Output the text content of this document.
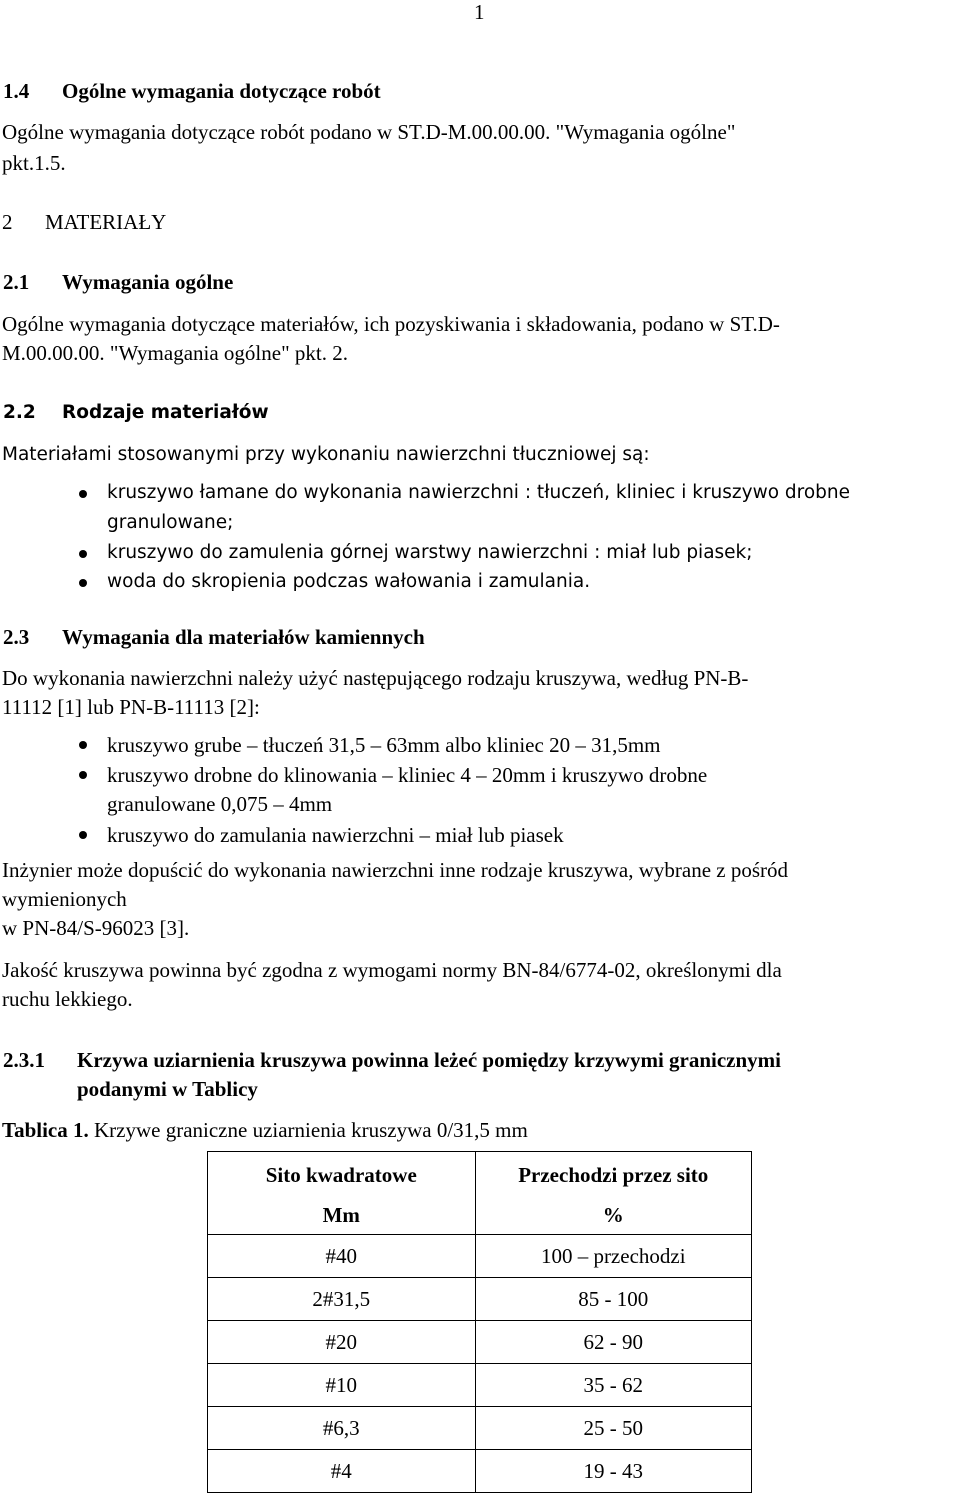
1
1.4 Ogólne wymagania dotyczące robót
Ogólne wymagania dotyczące robót podano w ST.D-M.00.00.00. "Wymagania ogólne"
pkt.1.5.
2 MATERIAŁY
2.1 Wymagania ogólne
Ogólne wymagania dotyczące materiałów, ich pozyskiwania i składowania, podano w ST.D-
M.00.00.00. "Wymagania ogólne" pkt. 2.
2.2 Rodzaje materiałów
Materiałami stosowanymi przy wykonaniu nawierzchni tłuczniowej są:
kruszywo łamane do wykonania nawierzchni : tłuczeń, kliniec i kruszywo drobne
granulowane;
kruszywo do zamulenia górnej warstwy nawierzchni : miał lub piasek;
woda do skropienia podczas wałowania i zamulania.
2.3 Wymagania dla materiałów kamiennych
Do wykonania nawierzchni należy użyć następującego rodzaju kruszywa, według PN-B-
11112 [1] lub PN-B-11113 [2]:
kruszywo grube – tłuczeń 31,5 – 63mm albo kliniec 20 – 31,5mm
kruszywo drobne do klinowania – kliniec 4 – 20mm i kruszywo drobne
granulowane 0,075 – 4mm
kruszywo do zamulania nawierzchni – miał lub piasek
Inżynier może dopuścić do wykonania nawierzchni inne rodzaje kruszywa, wybrane z pośród
wymienionych
w PN-84/S-96023 [3].
Jakość kruszywa powinna być zgodna z wymogami normy BN-84/6774-02, określonymi dla
ruchu lekkiego.
2.3.1 Krzywa uziarnienia kruszywa powinna leżeć pomiędzy krzywymi granicznymi
podanymi w Tablicy
Tablica 1. Krzywe graniczne uziarnienia kruszywa 0/31,5 mm
Sito kwadratowe	Przechodzi przez sito
Mm	%
#40	100 – przechodzi
2#31,5	85 - 100
#20	62 - 90
#10	35 - 62
#6,3	25 - 50
#4	19 - 43
